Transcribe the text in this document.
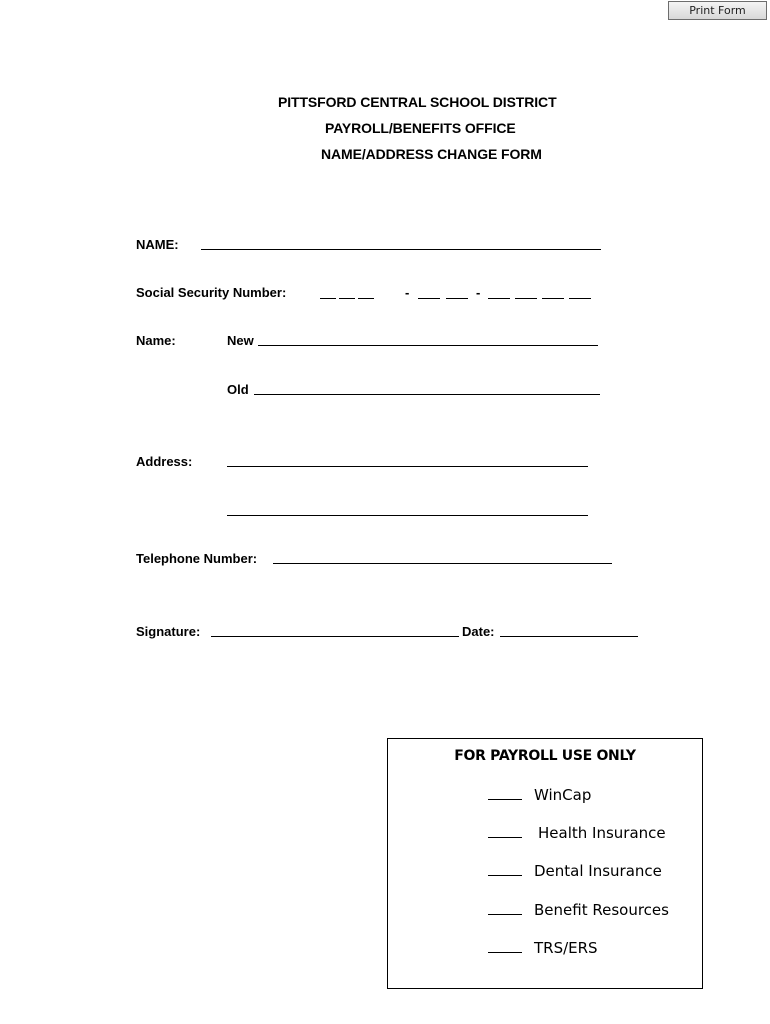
Print Form
PITTSFORD CENTRAL SCHOOL DISTRICT
PAYROLL/BENEFITS OFFICE
NAME/ADDRESS CHANGE FORM
NAME:
Social Security Number:	-	-
Name:	New
Old
Address:
Telephone Number:
Signature:	Date:
FOR PAYROLL USE ONLY
WinCap
Health Insurance
Dental Insurance
Benefit Resources
TRS/ERS
